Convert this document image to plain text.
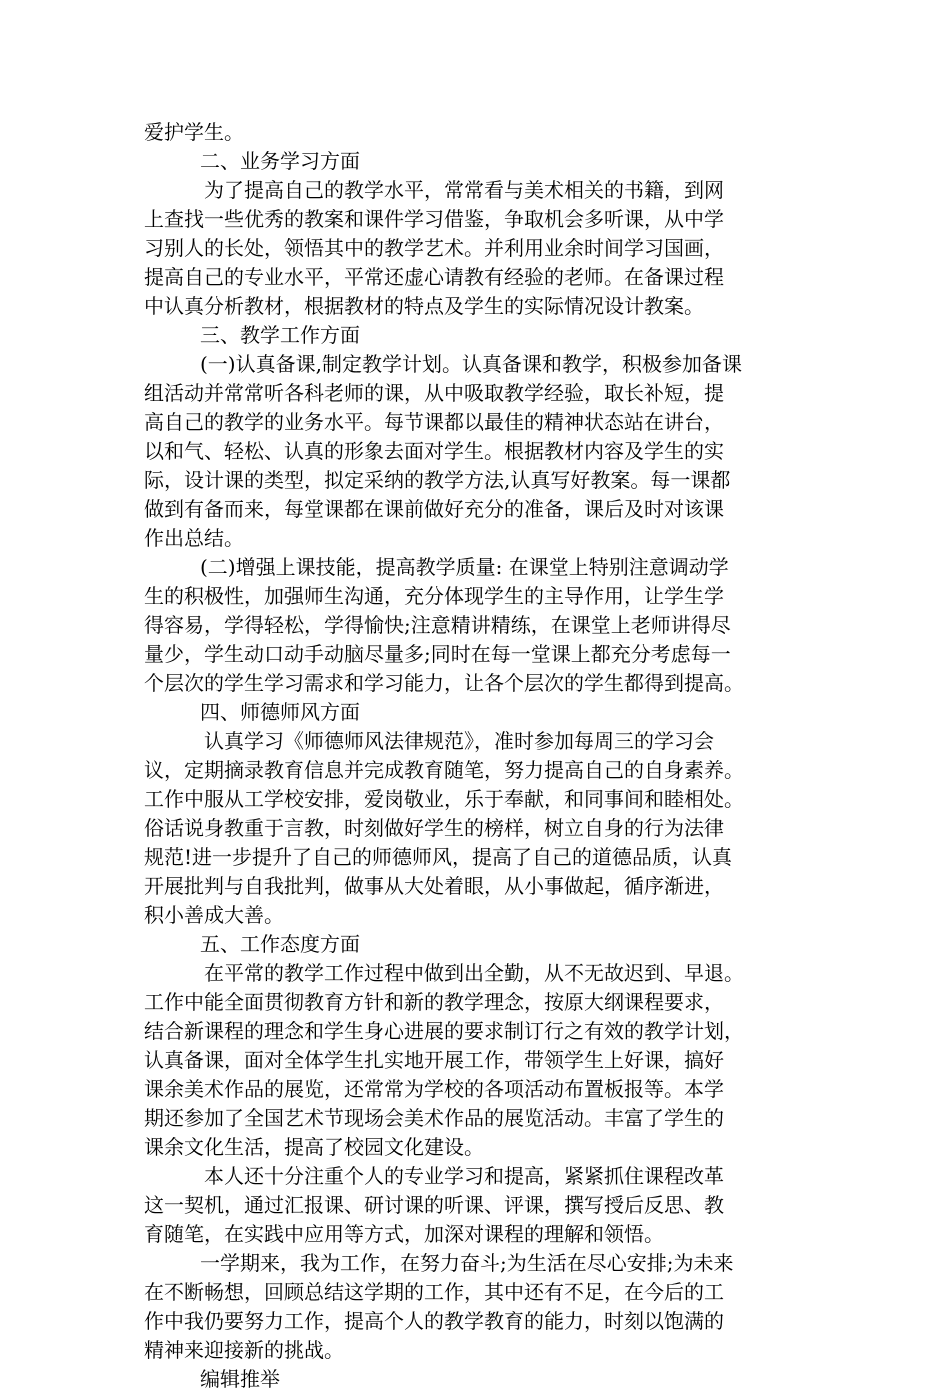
爱护学生。
二、业务学习方面
为了提高自己的教学水平，常常看与美术相关的书籍，到网
上查找一些优秀的教案和课件学习借鉴，争取机会多听课，从中学
习别人的长处，领悟其中的教学艺术。并利用业余时间学习国画，
提高自己的专业水平，平常还虚心请教有经验的老师。在备课过程
中认真分析教材，根据教材的特点及学生的实际情况设计教案。
三、教学工作方面
(一)认真备课,制定教学计划。认真备课和教学，积极参加备课
组活动并常常听各科老师的课，从中吸取教学经验，取长补短，提
高自己的教学的业务水平。每节课都以最佳的精神状态站在讲台，
以和气、轻松、认真的形象去面对学生。根据教材内容及学生的实
际，设计课的类型，拟定采纳的教学方法,认真写好教案。每一课都
做到有备而来，每堂课都在课前做好充分的准备，课后及时对该课
作出总结。
(二)增强上课技能，提高教学质量: 在课堂上特别注意调动学
生的积极性，加强师生沟通，充分体现学生的主导作用，让学生学
得容易，学得轻松，学得愉快;注意精讲精练，在课堂上老师讲得尽
量少，学生动口动手动脑尽量多;同时在每一堂课上都充分考虑每一
个层次的学生学习需求和学习能力，让各个层次的学生都得到提高。
四、师德师风方面
认真学习《师德师风法律规范》，准时参加每周三的学习会
议，定期摘录教育信息并完成教育随笔，努力提高自己的自身素养。
工作中服从工学校安排，爱岗敬业，乐于奉献，和同事间和睦相处。
俗话说身教重于言教，时刻做好学生的榜样，树立自身的行为法律
规范!进一步提升了自己的师德师风，提高了自己的道德品质，认真
开展批判与自我批判，做事从大处着眼，从小事做起，循序渐进，
积小善成大善。
五、工作态度方面
在平常的教学工作过程中做到出全勤，从不无故迟到、早退。
工作中能全面贯彻教育方针和新的教学理念，按原大纲课程要求，
结合新课程的理念和学生身心进展的要求制订行之有效的教学计划，
认真备课，面对全体学生扎实地开展工作，带领学生上好课，搞好
课余美术作品的展览，还常常为学校的各项活动布置板报等。本学
期还参加了全国艺术节现场会美术作品的展览活动。丰富了学生的
课余文化生活，提高了校园文化建设。
本人还十分注重个人的专业学习和提高，紧紧抓住课程改革
这一契机，通过汇报课、研讨课的听课、评课，撰写授后反思、教
育随笔，在实践中应用等方式，加深对课程的理解和领悟。
一学期来，我为工作，在努力奋斗;为生活在尽心安排;为未来
在不断畅想，回顾总结这学期的工作，其中还有不足，在今后的工
作中我仍要努力工作，提高个人的教学教育的能力，时刻以饱满的
精神来迎接新的挑战。
编辑推举
